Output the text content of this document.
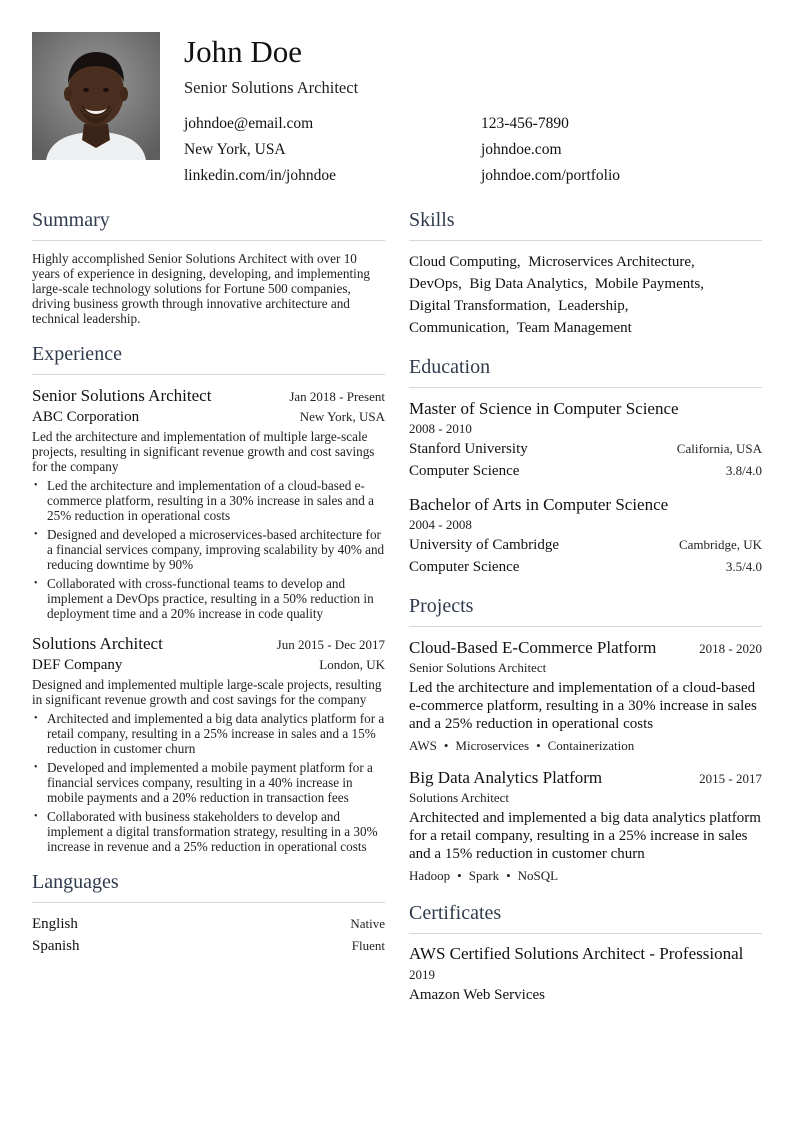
John Doe
Senior Solutions Architect
johndoe@email.com	123-456-7890
New York, USA	johndoe.com
linkedin.com/in/johndoe	johndoe.com/portfolio
Summary
Highly accomplished Senior Solutions Architect with over 10 years of experience in designing, developing, and implementing large-scale technology solutions for Fortune 500 companies, driving business growth through innovative architecture and technical leadership.
Experience
Senior Solutions Architect	Jan 2018 - Present
ABC Corporation	New York, USA
Led the architecture and implementation of multiple large-scale projects, resulting in significant revenue growth and cost savings for the company
• Led the architecture and implementation of a cloud-based e-commerce platform, resulting in a 30% increase in sales and a 25% reduction in operational costs
• Designed and developed a microservices-based architecture for a financial services company, improving scalability by 40% and reducing downtime by 90%
• Collaborated with cross-functional teams to develop and implement a DevOps practice, resulting in a 50% reduction in deployment time and a 20% increase in code quality
Solutions Architect	Jun 2015 - Dec 2017
DEF Company	London, UK
Designed and implemented multiple large-scale projects, resulting in significant revenue growth and cost savings for the company
• Architected and implemented a big data analytics platform for a retail company, resulting in a 25% increase in sales and a 15% reduction in customer churn
• Developed and implemented a mobile payment platform for a financial services company, resulting in a 40% increase in mobile payments and a 20% reduction in transaction fees
• Collaborated with business stakeholders to develop and implement a digital transformation strategy, resulting in a 30% increase in revenue and a 25% reduction in operational costs
Languages
English	Native
Spanish	Fluent
Skills
Cloud Computing, Microservices Architecture,
DevOps, Big Data Analytics, Mobile Payments,
Digital Transformation, Leadership,
Communication, Team Management
Education
Master of Science in Computer Science
2008 - 2010
Stanford University	California, USA
Computer Science	3.8/4.0
Bachelor of Arts in Computer Science
2004 - 2008
University of Cambridge	Cambridge, UK
Computer Science	3.5/4.0
Projects
Cloud-Based E-Commerce Platform	2018 - 2020
Senior Solutions Architect
Led the architecture and implementation of a cloud-based e-commerce platform, resulting in a 30% increase in sales and a 25% reduction in operational costs
AWS • Microservices • Containerization
Big Data Analytics Platform	2015 - 2017
Solutions Architect
Architected and implemented a big data analytics platform for a retail company, resulting in a 25% increase in sales and a 15% reduction in customer churn
Hadoop • Spark • NoSQL
Certificates
AWS Certified Solutions Architect - Professional
2019
Amazon Web Services
